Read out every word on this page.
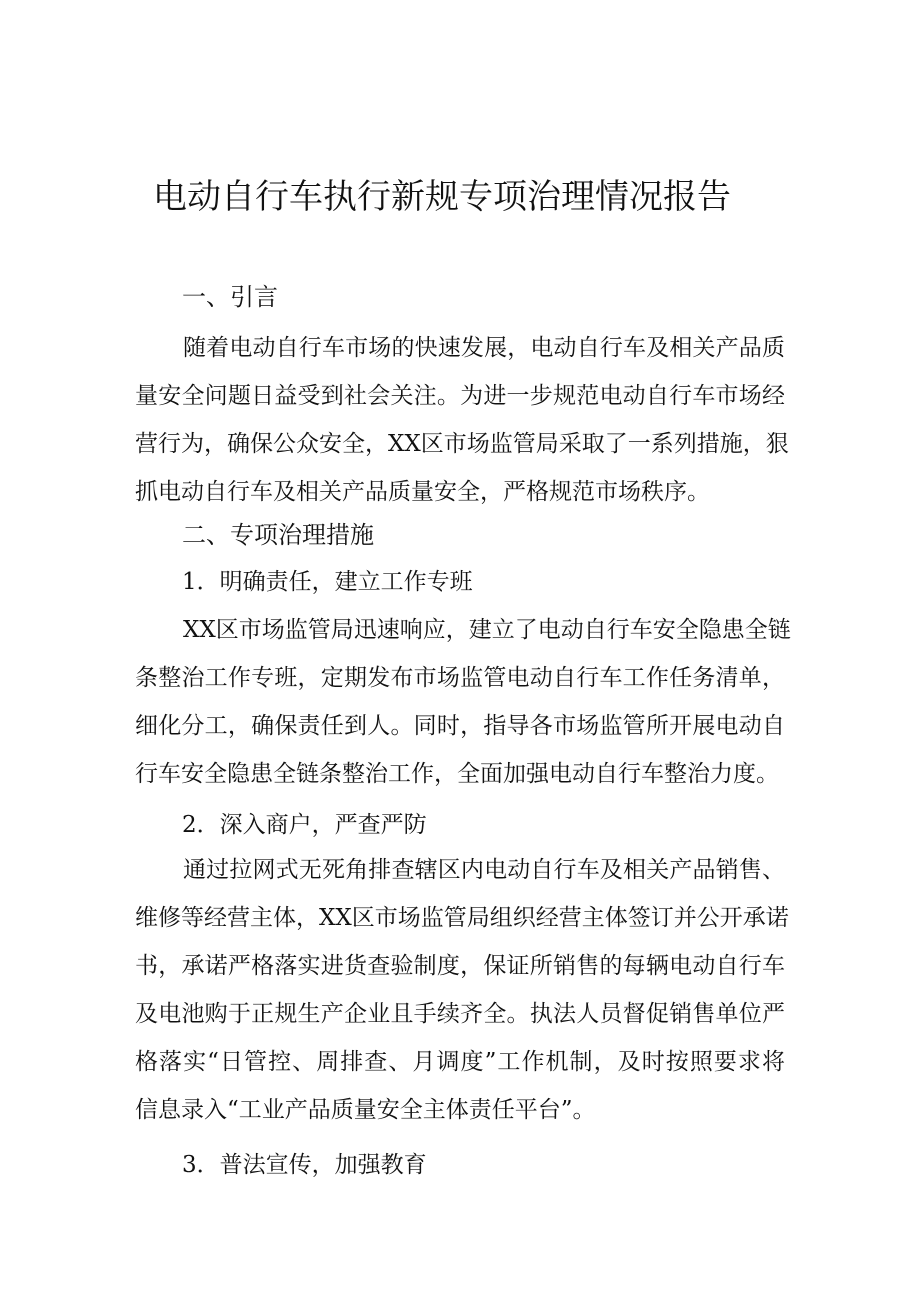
电动自行车执行新规专项治理情况报告
一、引言
随着电动自行车市场的快速发展，电动自行车及相关产品质
量安全问题日益受到社会关注。为进一步规范电动自行车市场经
营行为，确保公众安全，XX区市场监管局采取了一系列措施，狠
抓电动自行车及相关产品质量安全，严格规范市场秩序。
二、专项治理措施
1．明确责任，建立工作专班
XX区市场监管局迅速响应，建立了电动自行车安全隐患全链
条整治工作专班，定期发布市场监管电动自行车工作任务清单，
细化分工，确保责任到人。同时，指导各市场监管所开展电动自
行车安全隐患全链条整治工作，全面加强电动自行车整治力度。
2．深入商户，严查严防
通过拉网式无死角排查辖区内电动自行车及相关产品销售、
维修等经营主体，XX区市场监管局组织经营主体签订并公开承诺
书，承诺严格落实进货查验制度，保证所销售的每辆电动自行车
及电池购于正规生产企业且手续齐全。执法人员督促销售单位严
格落实“日管控、周排查、月调度”工作机制，及时按照要求将
信息录入“工业产品质量安全主体责任平台”。
3．普法宣传，加强教育
